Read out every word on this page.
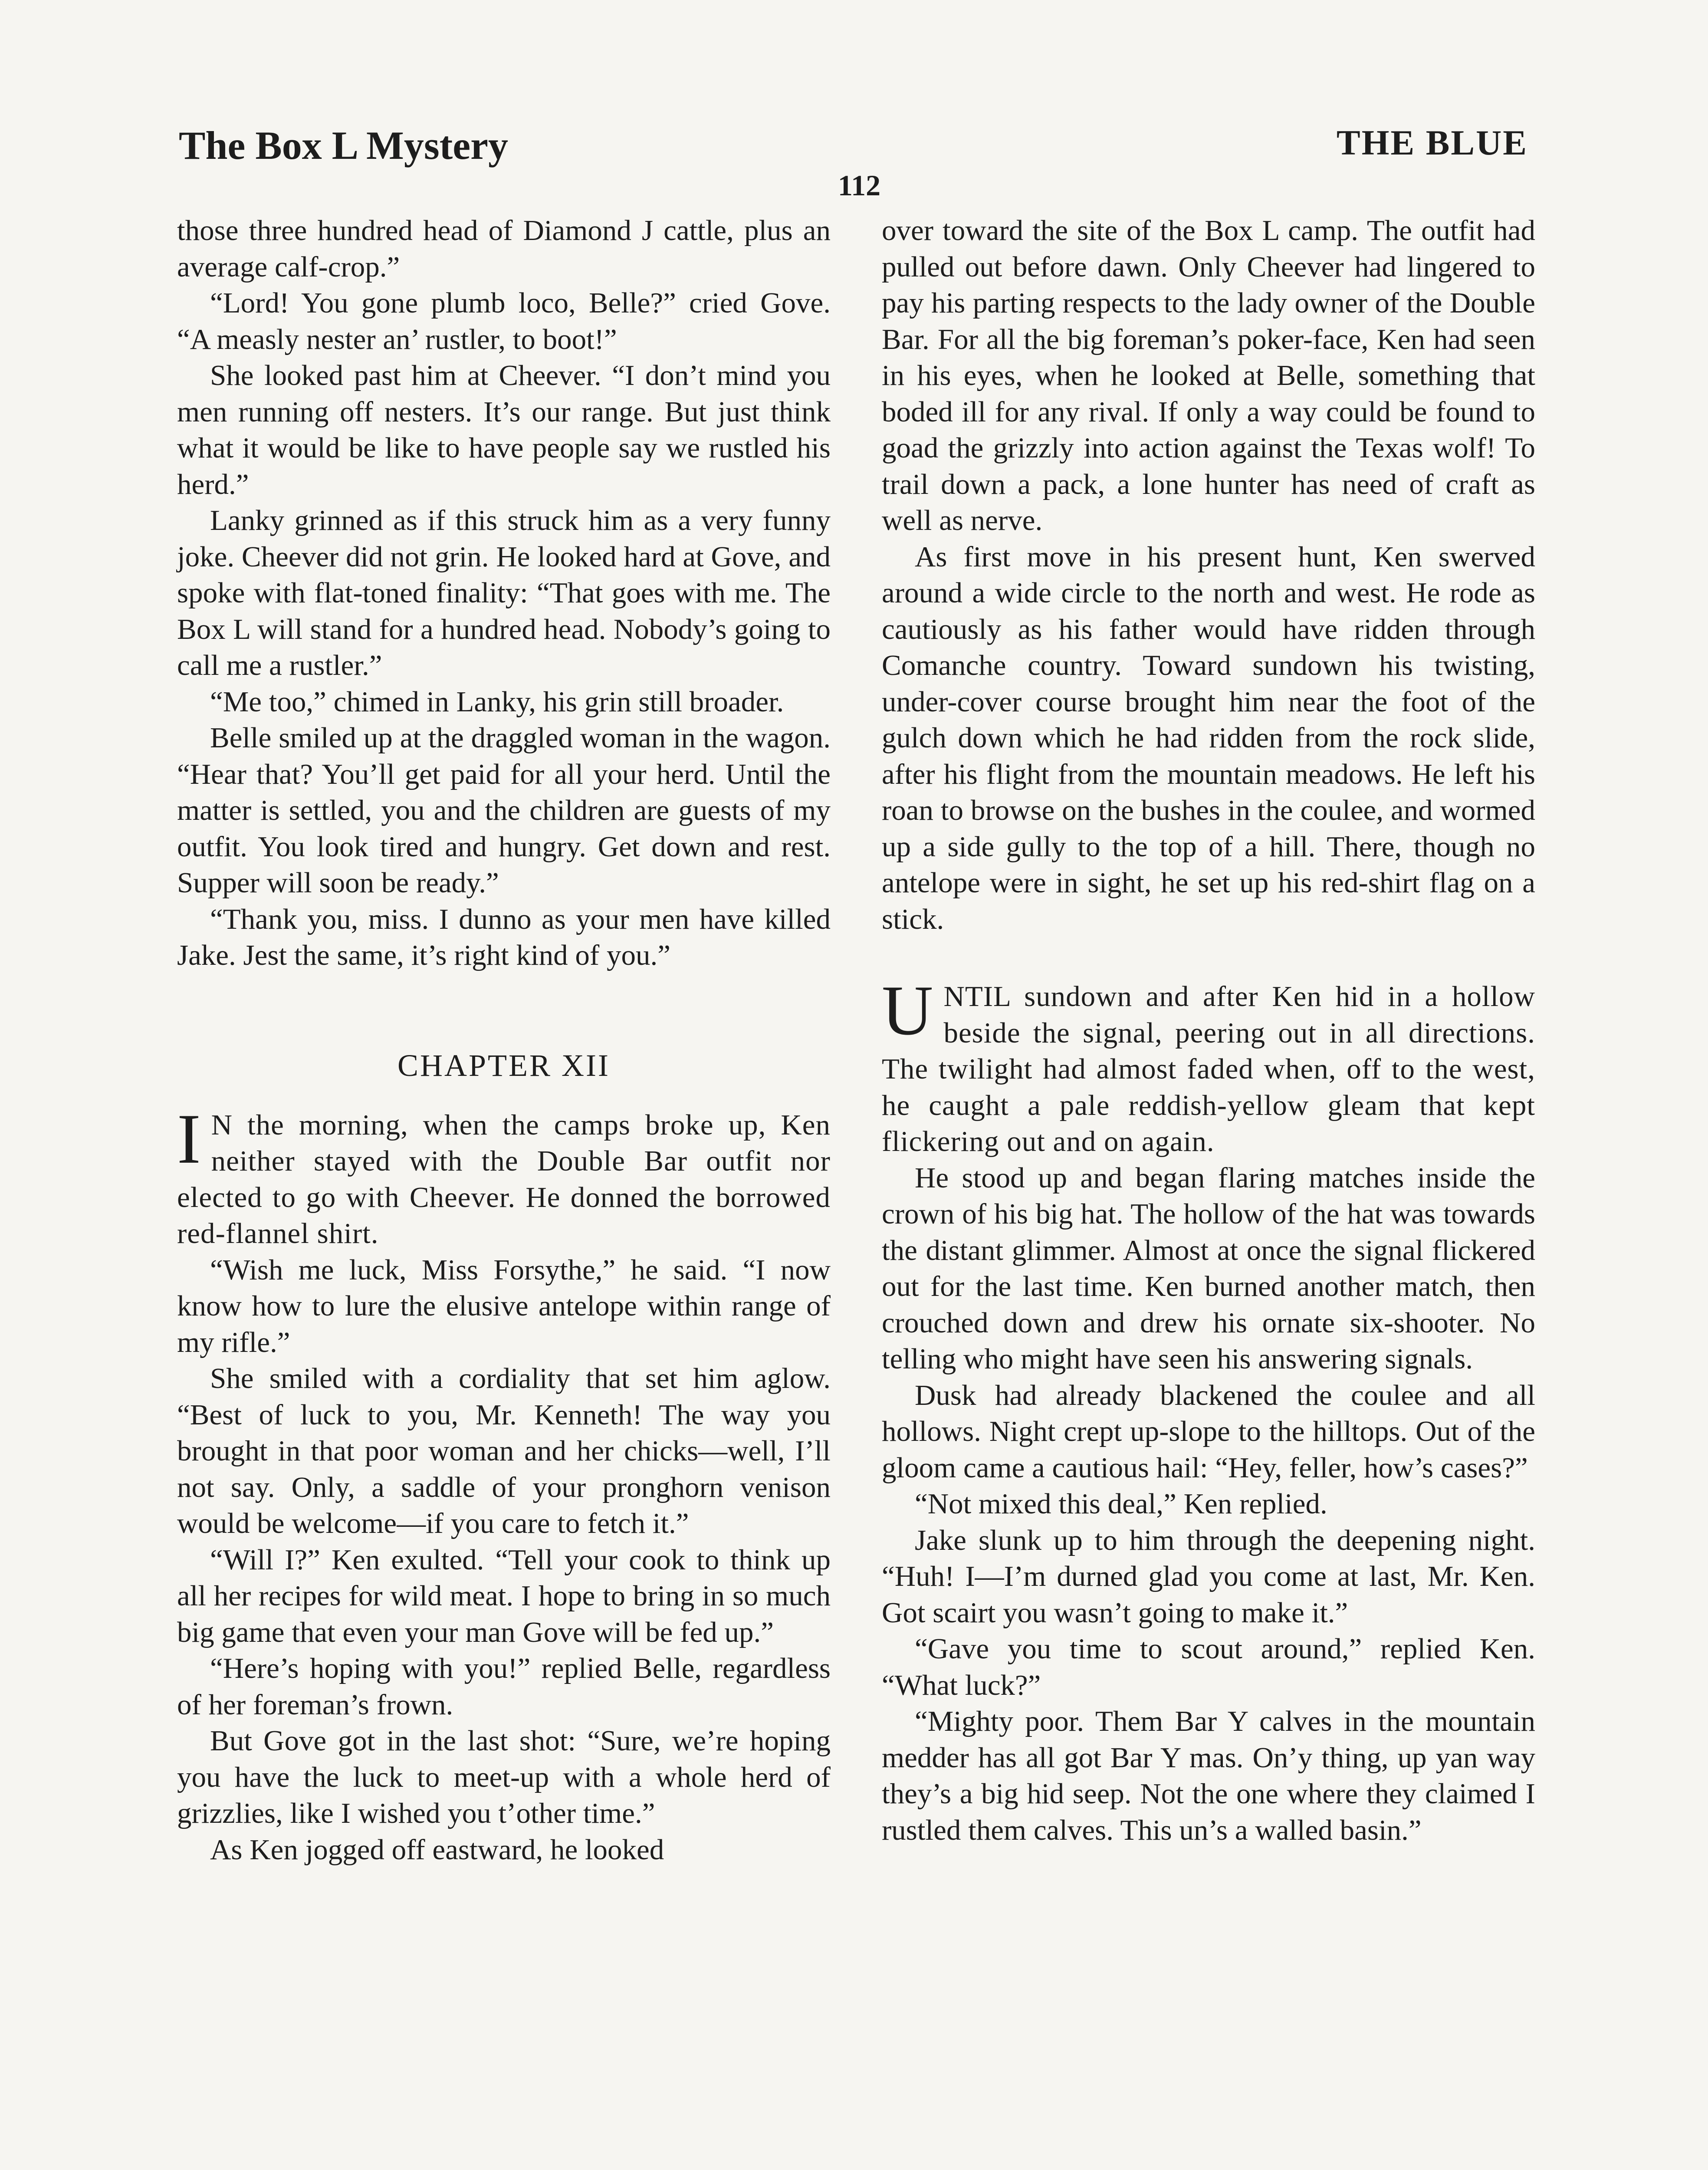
The Box L Mystery	THE BLUE
112

those three hundred head of Diamond J cattle, plus an average calf-crop.”

“Lord! You gone plumb loco, Belle?” cried Gove. “A measly nester an’ rustler, to boot!”

She looked past him at Cheever. “I don’t mind you men running off nesters. It’s our range. But just think what it would be like to have people say we rustled his herd.”

Lanky grinned as if this struck him as a very funny joke. Cheever did not grin. He looked hard at Gove, and spoke with flat-toned finality: “That goes with me. The Box L will stand for a hundred head. Nobody’s going to call me a rustler.”

“Me too,” chimed in Lanky, his grin still broader.

Belle smiled up at the draggled woman in the wagon. “Hear that? You’ll get paid for all your herd. Until the matter is settled, you and the children are guests of my outfit. You look tired and hungry. Get down and rest. Supper will soon be ready.”

“Thank you, miss. I dunno as your men have killed Jake. Jest the same, it’s right kind of you.”

CHAPTER XII

I N the morning, when the camps broke up, Ken neither stayed with the Double Bar outfit nor elected to go with Cheever. He donned the borrowed red-flannel shirt.

“Wish me luck, Miss Forsythe,” he said. “I now know how to lure the elusive antelope within range of my rifle.”

She smiled with a cordiality that set him aglow. “Best of luck to you, Mr. Kenneth! The way you brought in that poor woman and her chicks—well, I’ll not say. Only, a saddle of your pronghorn venison would be welcome—if you care to fetch it.”

“Will I?” Ken exulted. “Tell your cook to think up all her recipes for wild meat. I hope to bring in so much big game that even your man Gove will be fed up.”

“Here’s hoping with you!” replied Belle, regardless of her foreman’s frown.

But Gove got in the last shot: “Sure, we’re hoping you have the luck to meet-up with a whole herd of grizzlies, like I wished you t’other time.”

As Ken jogged off eastward, he looked

over toward the site of the Box L camp. The outfit had pulled out before dawn. Only Cheever had lingered to pay his parting respects to the lady owner of the Double Bar. For all the big foreman’s poker-face, Ken had seen in his eyes, when he looked at Belle, something that boded ill for any rival. If only a way could be found to goad the grizzly into action against the Texas wolf! To trail down a pack, a lone hunter has need of craft as well as nerve.

As first move in his present hunt, Ken swerved around a wide circle to the north and west. He rode as cautiously as his father would have ridden through Comanche country. Toward sundown his twisting, under-cover course brought him near the foot of the gulch down which he had ridden from the rock slide, after his flight from the mountain meadows. He left his roan to browse on the bushes in the coulee, and wormed up a side gully to the top of a hill. There, though no antelope were in sight, he set up his red-shirt flag on a stick.

UNTIL sundown and after Ken hid in a hollow beside the signal, peering out in all directions. The twilight had almost faded when, off to the west, he caught a pale reddish-yellow gleam that kept flickering out and on again.

He stood up and began flaring matches inside the crown of his big hat. The hollow of the hat was towards the distant glimmer. Almost at once the signal flickered out for the last time. Ken burned another match, then crouched down and drew his ornate six-shooter. No telling who might have seen his answering signals.

Dusk had already blackened the coulee and all hollows. Night crept up-slope to the hilltops. Out of the gloom came a cautious hail: “Hey, feller, how’s cases?”

“Not mixed this deal,” Ken replied.

Jake slunk up to him through the deepening night. “Huh! I—I’m durned glad you come at last, Mr. Ken. Got scairt you wasn’t going to make it.”

“Gave you time to scout around,” replied Ken. “What luck?”

“Mighty poor. Them Bar Y calves in the mountain medder has all got Bar Y mas. On’y thing, up yan way they’s a big hid seep. Not the one where they claimed I rustled them calves. This un’s a walled basin.”
